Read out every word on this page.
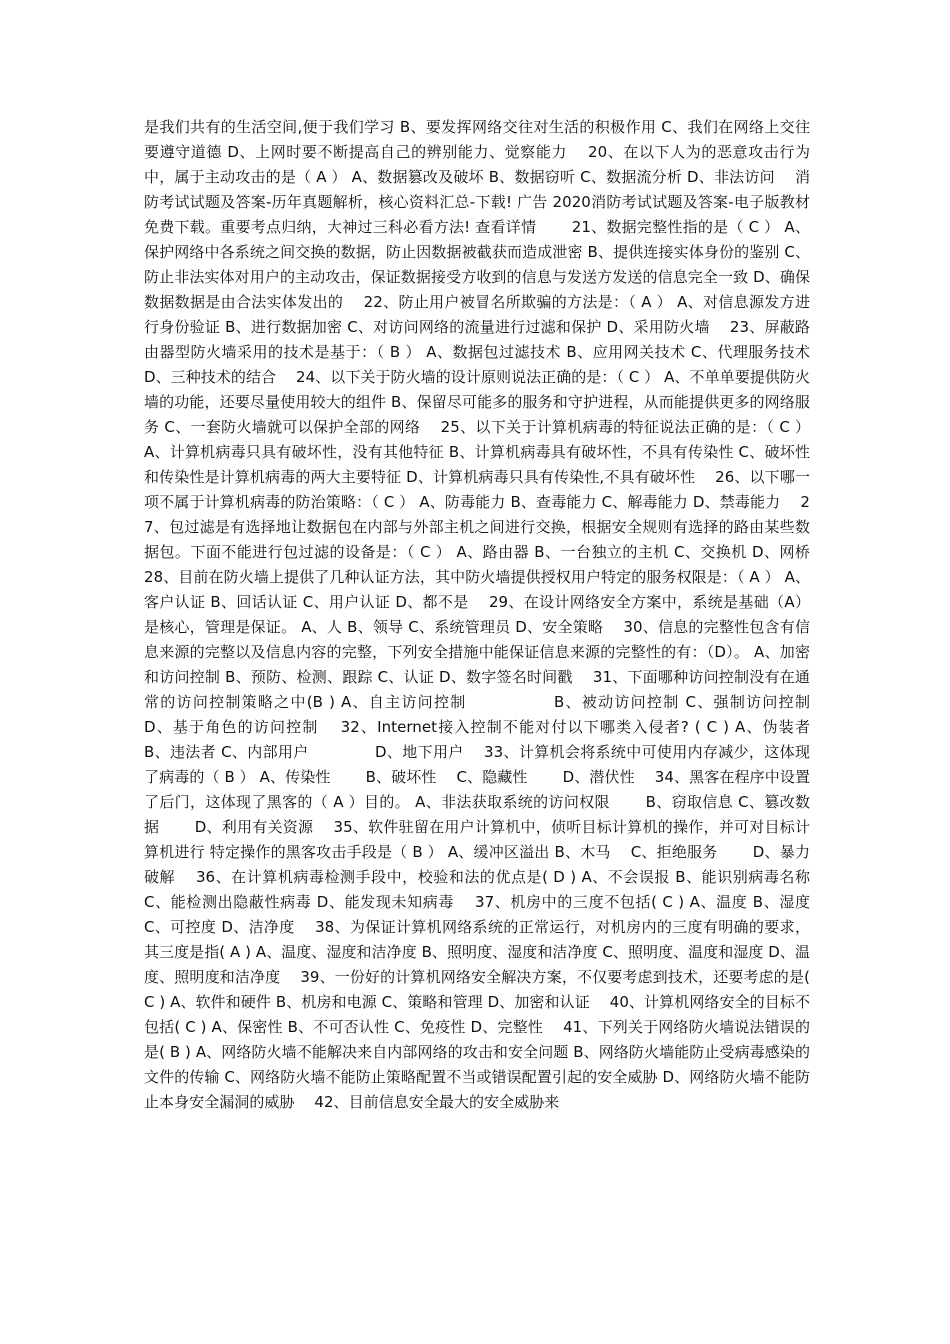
是我们共有的生活空间,便于我们学习 B、要发挥网络交往对生活的积极作用 C、我们在网络上交往要遵守道德 D、上网时要不断提高自己的辨别能力、觉察能力　 20、在以下人为的恶意攻击行为中，属于主动攻击的是（ A ） A、数据篡改及破坏 B、数据窃听 C、数据流分析 D、非法访问　 消防考试试题及答案-历年真题解析，核心资料汇总-下载! 广告 2020消防考试试题及答案-电子版教材免费下载。重要考点归纳，大神过三科必看方法! 查看详情　　 21、数据完整性指的是（ C ） A、保护网络中各系统之间交换的数据，防止因数据被截获而造成泄密 B、提供连接实体身份的鉴别 C、防止非法实体对用户的主动攻击，保证数据接受方收到的信息与发送方发送的信息完全一致 D、确保数据数据是由合法实体发出的　 22、防止用户被冒名所欺骗的方法是：（ A ） A、对信息源发方进行身份验证 B、进行数据加密 C、对访问网络的流量进行过滤和保护 D、采用防火墙　 23、屏蔽路由器型防火墙采用的技术是基于：（ B ） A、数据包过滤技术 B、应用网关技术 C、代理服务技术 D、三种技术的结合　 24、以下关于防火墙的设计原则说法正确的是：（ C ） A、不单单要提供防火墙的功能，还要尽量使用较大的组件 B、保留尽可能多的服务和守护进程，从而能提供更多的网络服务 C、一套防火墙就可以保护全部的网络　 25、以下关于计算机病毒的特征说法正确的是：（ C ） A、计算机病毒只具有破坏性，没有其他特征 B、计算机病毒具有破坏性，不具有传染性 C、破坏性和传染性是计算机病毒的两大主要特征 D、计算机病毒只具有传染性,不具有破坏性　 26、以下哪一项不属于计算机病毒的防治策略：（ C ） A、防毒能力 B、查毒能力 C、解毒能力 D、禁毒能力　 27、包过滤是有选择地让数据包在内部与外部主机之间进行交换，根据安全规则有选择的路由某些数据包。下面不能进行包过滤的设备是：（ C ） A、路由器 B、一台独立的主机 C、交换机 D、网桥　 28、目前在防火墙上提供了几种认证方法，其中防火墙提供授权用户特定的服务权限是：（ A ） A、客户认证 B、回话认证 C、用户认证 D、都不是　 29、在设计网络安全方案中，系统是基础（A）是核心，管理是保证。 A、人 B、领导 C、系统管理员 D、安全策略　 30、信息的完整性包含有信息来源的完整以及信息内容的完整，下列安全措施中能保证信息来源的完整性的有：（D）。 A、加密和访问控制 B、预防、检测、跟踪 C、认证 D、数字签名时间戳　 31、下面哪种访问控制没有在通常的访问控制策略之中(B ) A、自主访问控制　　　　　 B、被动访问控制 C、强制访问控制　　　　　　 D、基于角色的访问控制　 32、Internet接入控制不能对付以下哪类入侵者? ( C ) A、伪装者　　　　 B、违法者 C、内部用户　　　　 D、地下用户　 33、计算机会将系统中可使用内存减少，这体现了病毒的（ B ） A、传染性　　 B、破坏性　 C、隐藏性　　 D、潜伏性　 34、黑客在程序中设置了后门，这体现了黑客的（ A ）目的。 A、非法获取系统的访问权限　　 B、窃取信息 C、篡改数据　　 D、利用有关资源　 35、软件驻留在用户计算机中，侦听目标计算机的操作，并可对目标计算机进行 特定操作的黑客攻击手段是（ B ） A、缓冲区溢出 B、木马　 C、拒绝服务　　 D、暴力破解　 36、在计算机病毒检测手段中，校验和法的优点是( D ) A、不会误报 B、能识别病毒名称 C、能检测出隐蔽性病毒 D、能发现未知病毒　 37、机房中的三度不包括( C ) A、温度 B、湿度 C、可控度 D、洁净度　 38、为保证计算机网络系统的正常运行，对机房内的三度有明确的要求，其三度是指( A ) A、温度、湿度和洁净度 B、照明度、湿度和洁净度 C、照明度、温度和湿度 D、温度、照明度和洁净度　 39、一份好的计算机网络安全解决方案，不仅要考虑到技术，还要考虑的是( C ) A、软件和硬件 B、机房和电源 C、策略和管理 D、加密和认证　 40、计算机网络安全的目标不包括( C ) A、保密性 B、不可否认性 C、免疫性 D、完整性　 41、下列关于网络防火墙说法错误的是( B ) A、网络防火墙不能解决来自内部网络的攻击和安全问题 B、网络防火墙能防止受病毒感染的文件的传输 C、网络防火墙不能防止策略配置不当或错误配置引起的安全威胁 D、网络防火墙不能防止本身安全漏洞的威胁　 42、目前信息安全最大的安全威胁来
